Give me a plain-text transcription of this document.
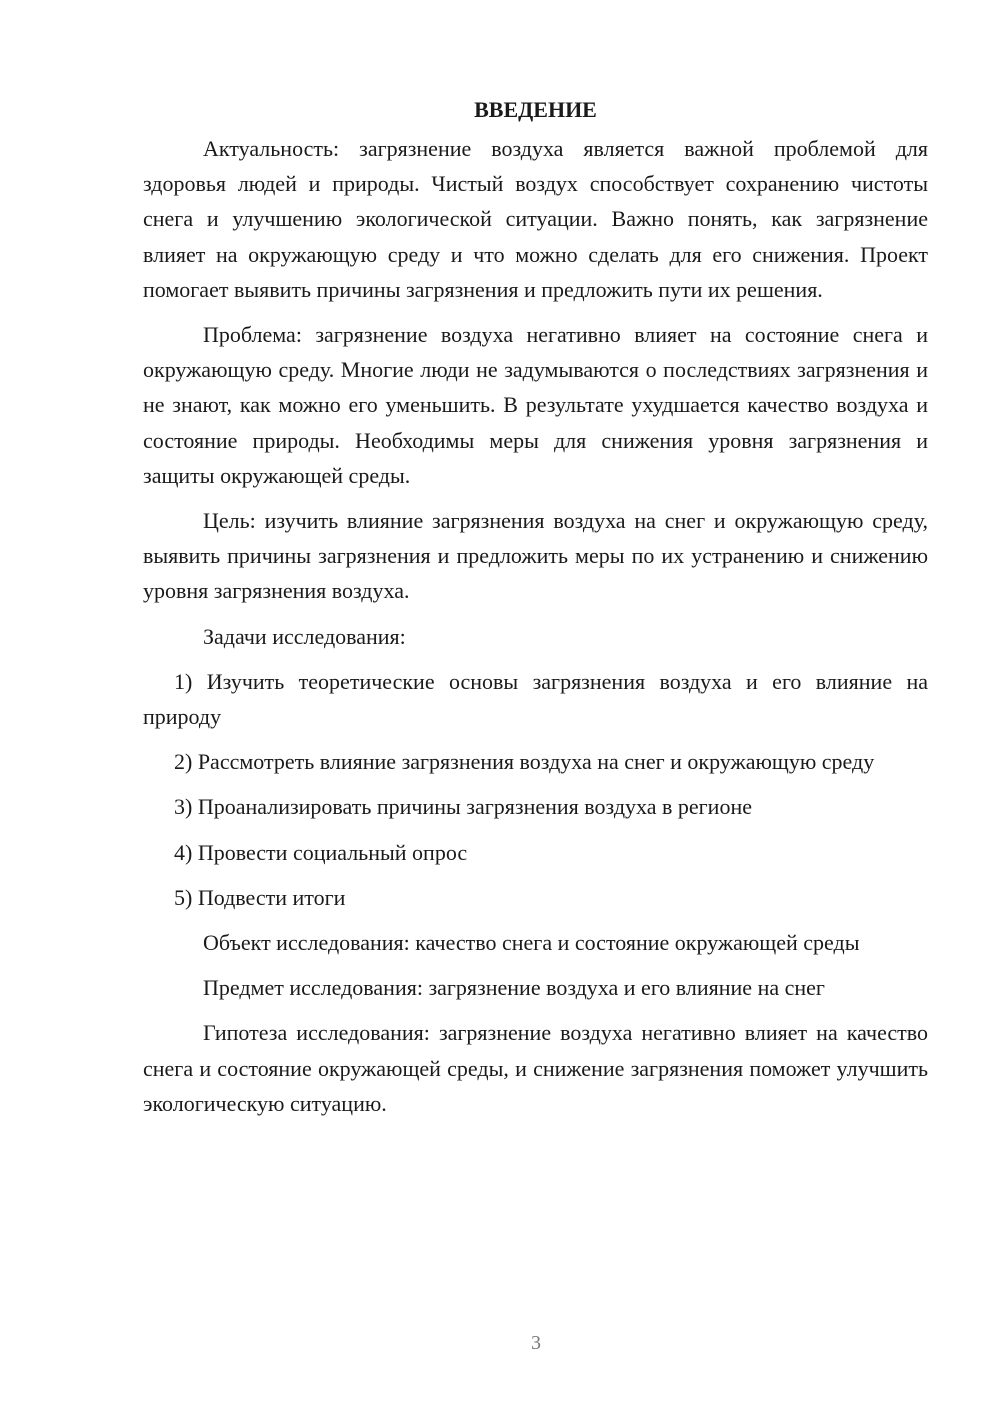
ВВЕДЕНИЕ

Актуальность: загрязнение воздуха является важной проблемой для здоровья людей и природы. Чистый воздух способствует сохранению чистоты снега и улучшению экологической ситуации. Важно понять, как загрязнение влияет на окружающую среду и что можно сделать для его снижения. Проект помогает выявить причины загрязнения и предложить пути их решения.

Проблема: загрязнение воздуха негативно влияет на состояние снега и окружающую среду. Многие люди не задумываются о последствиях загрязнения и не знают, как можно его уменьшить. В результате ухудшается качество воздуха и состояние природы. Необходимы меры для снижения уровня загрязнения и защиты окружающей среды.

Цель: изучить влияние загрязнения воздуха на снег и окружающую среду, выявить причины загрязнения и предложить меры по их устранению и снижению уровня загрязнения воздуха.

Задачи исследования:

1) Изучить теоретические основы загрязнения воздуха и его влияние на природу

2) Рассмотреть влияние загрязнения воздуха на снег и окружающую среду

3) Проанализировать причины загрязнения воздуха в регионе

4) Провести социальный опрос

5) Подвести итоги

Объект исследования: качество снега и состояние окружающей среды

Предмет исследования: загрязнение воздуха и его влияние на снег

Гипотеза исследования: загрязнение воздуха негативно влияет на качество снега и состояние окружающей среды, и снижение загрязнения поможет улучшить экологическую ситуацию.

3
